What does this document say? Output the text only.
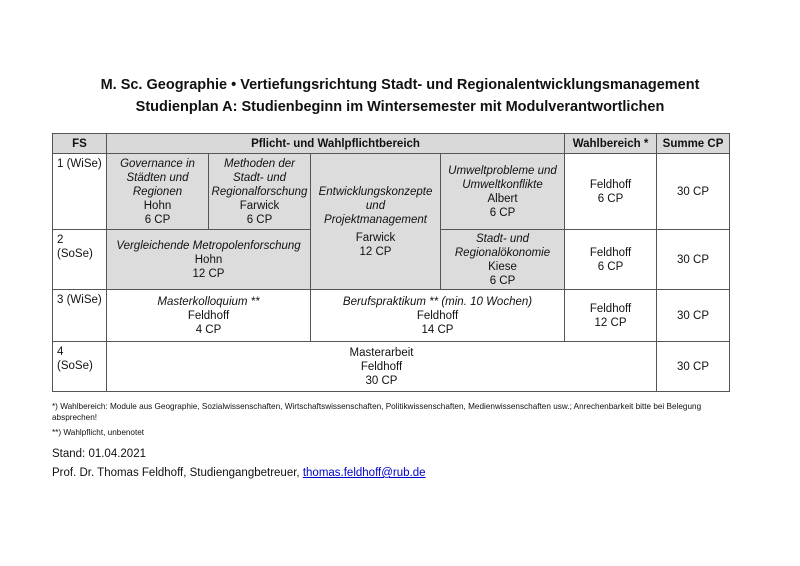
M. Sc. Geographie • Vertiefungsrichtung Stadt- und Regionalentwicklungsmanagement
Studienplan A: Studienbeginn im Wintersemester mit Modulverantwortlichen
FS	Pflicht- und Wahlpflichtbereich				Wahlbereich *	Summe CP
1 (WiSe)	Governance in Städten und Regionen
Hohn
6 CP	Methoden der Stadt- und Regionalforschung
Farwick
6 CP	Entwicklungskonzepte und Projektmanagement
Farwick
12 CP	Umweltprobleme und Umweltkonflikte
Albert
6 CP	Feldhoff
6 CP	30 CP
2 (SoSe)	Vergleichende Metropolenforschung
Hohn
12 CP			Stadt- und Regionalökonomie
Kiese
6 CP	Feldhoff
6 CP	30 CP
3 (WiSe)	Masterkolloquium **
Feldhoff
4 CP		Berufspraktikum ** (min. 10 Wochen)
Feldhoff
14 CP		Feldhoff
12 CP	30 CP
4 (SoSe)	Masterarbeit
Feldhoff
30 CP					30 CP

*) Wahlbereich: Module aus Geographie, Sozialwissenschaften, Wirtschaftswissenschaften, Politikwissenschaften, Medienwissenschaften usw.; Anrechenbarkeit bitte bei Belegung absprechen!

**) Wahlpflicht, unbenotet

Stand: 01.04.2021
Prof. Dr. Thomas Feldhoff, Studiengangbetreuer, thomas.feldhoff@rub.de
